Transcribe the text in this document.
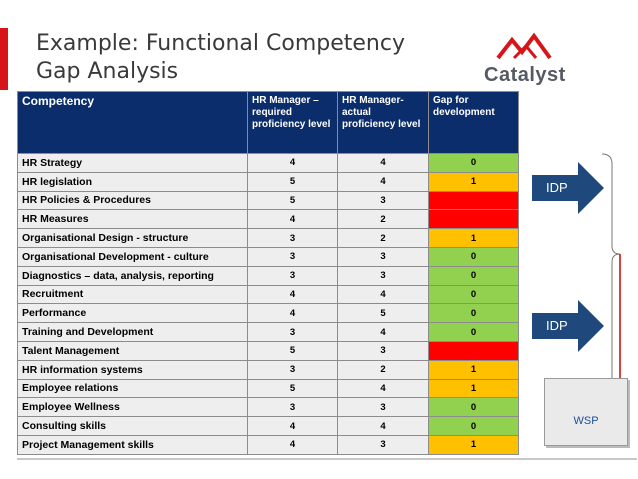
Example: Functional Competency Gap Analysis	Catalyst
Competency	HR Manager – required proficiency level	HR Manager- actual proficiency level	Gap for development
HR Strategy	4	4	0
HR legislation	5	4	1
HR Policies & Procedures	5	3	2
HR Measures	4	2	2
Organisational Design - structure	3	2	1
Organisational Development - culture	3	3	0
Diagnostics – data, analysis, reporting	3	3	0
Recruitment	4	4	0
Performance	4	5	0
Training and Development	3	4	0
Talent Management	5	3	2
HR information systems	3	2	1
Employee relations	5	4	1
Employee Wellness	3	3	0
Consulting skills	4	4	0
Project Management skills	4	3	1
IDP
IDP
WSP
